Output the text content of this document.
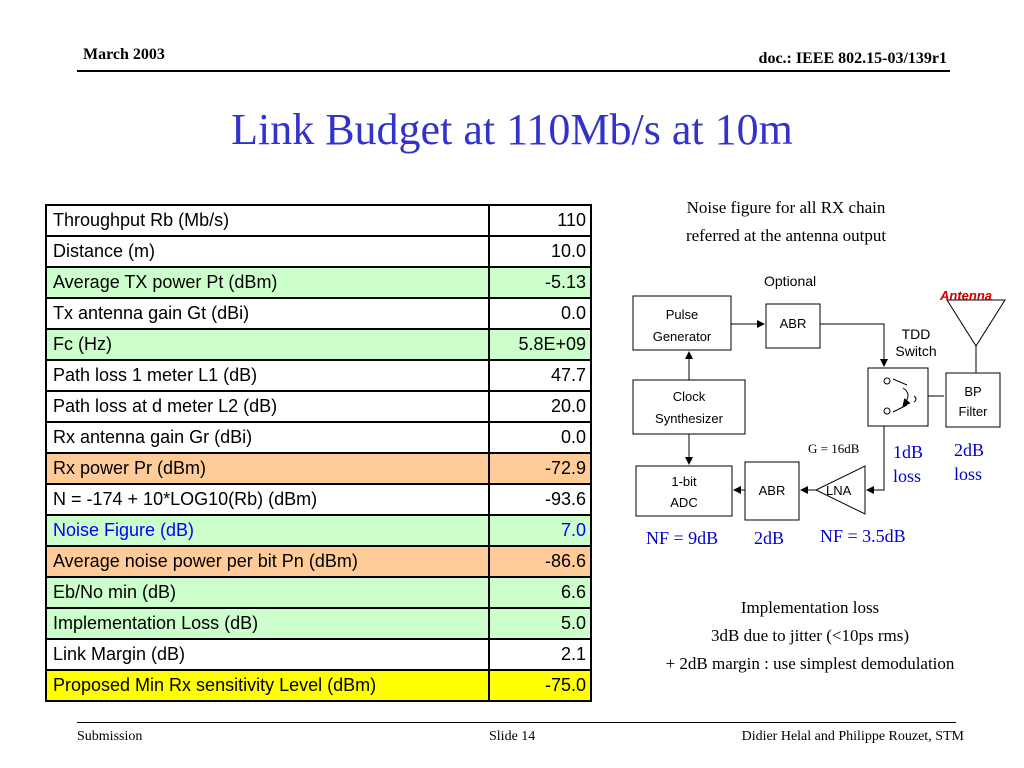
March 2003	doc.: IEEE 802.15-03/139r1
Link Budget at 110Mb/s at 10m
Throughput Rb (Mb/s)	110
Distance (m)	10.0
Average TX power Pt (dBm)	-5.13
Tx antenna gain Gt (dBi)	0.0
Fc (Hz)	5.8E+09
Path loss 1 meter L1 (dB)	47.7
Path loss at d meter L2 (dB)	20.0
Rx antenna gain Gr (dBi)	0.0
Rx power Pr (dBm)	-72.9
N = -174 + 10*LOG10(Rb) (dBm)	-93.6
Noise Figure (dB)	7.0
Average noise power per bit Pn (dBm)	-86.6
Eb/No min (dB)	6.6
Implementation Loss (dB)	5.0
Link Margin (dB)	2.1
Proposed Min Rx sensitivity Level (dBm)	-75.0
Noise figure for all RX chain
referred at the antenna output
Optional
Antenna
Pulse
Generator
ABR
TDD
Switch
Clock
Synthesizer
BP
Filter
G = 16dB 1dB
loss
2dB
loss
1-bit
ADC
ABR	LNA
NF = 9dB 2dB NF = 3.5dB
Implementation loss
3dB due to jitter (<10ps rms)
+ 2dB margin : use simplest demodulation
Submission	Slide 14	Didier Helal and Philippe Rouzet, STM
